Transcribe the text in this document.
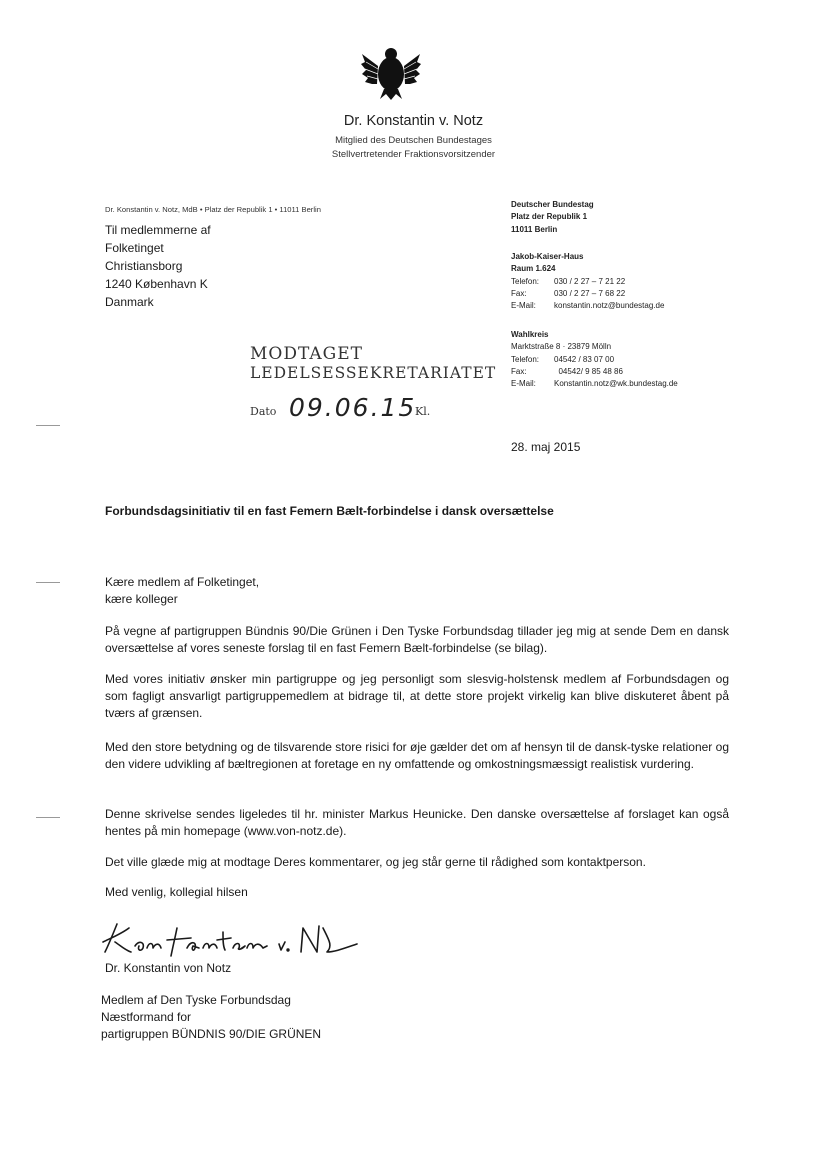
Dr. Konstantin v. Notz
Mitglied des Deutschen Bundestages
Stellvertretender Fraktionsvorsitzender
Dr. Konstantin v. Notz, MdB • Platz der Republik 1 • 11011 Berlin
Til medlemmerne af
Folketinget
Christiansborg
1240 København K
Danmark
Deutscher Bundestag
Platz der Republik 1
11011 Berlin
Jakob-Kaiser-Haus
Raum 1.624
Telefon:	030 / 2 27 – 7 21 22
Fax:	030 / 2 27 – 7 68 22
E-Mail:	konstantin.notz@bundestag.de
Wahlkreis
Marktstraße 8 · 23879 Mölln
Telefon:	04542 / 83 07 00
Fax:	04542/ 9 85 48 86
E-Mail:	Konstantin.notz@wk.bundestag.de
MODTAGET
LEDELSESSEKRETARIATET
Dato 09.06.15
Kl.
28. maj 2015
Forbundsdagsinitiativ til en fast Femern Bælt-forbindelse i dansk oversættelse
Kære medlem af Folketinget,
kære kolleger
På vegne af partigruppen Bündnis 90/Die Grünen i Den Tyske Forbundsdag tillader jeg mig at sende Dem en dansk oversættelse af vores seneste forslag til en fast Femern Bælt-forbindelse (se bilag).
Med vores initiativ ønsker min partigruppe og jeg personligt som slesvig-holstensk medlem af Forbundsdagen og som fagligt ansvarligt partigruppemedlem at bidrage til, at dette store projekt virkelig kan blive diskuteret åbent på tværs af grænsen.
Med den store betydning og de tilsvarende store risici for øje gælder det om af hensyn til de dansk-tyske relationer og den videre udvikling af bæltregionen at foretage en ny omfattende og omkostningsmæssigt realistisk vurdering.
Denne skrivelse sendes ligeledes til hr. minister Markus Heunicke. Den danske oversættelse af forslaget kan også hentes på min homepage (www.von-notz.de).
Det ville glæde mig at modtage Deres kommentarer, og jeg står gerne til rådighed som kontaktperson.
Med venlig, kollegial hilsen
Dr. Konstantin von Notz
Medlem af Den Tyske Forbundsdag
Næstformand for
partigruppen BÜNDNIS 90/DIE GRÜNEN
